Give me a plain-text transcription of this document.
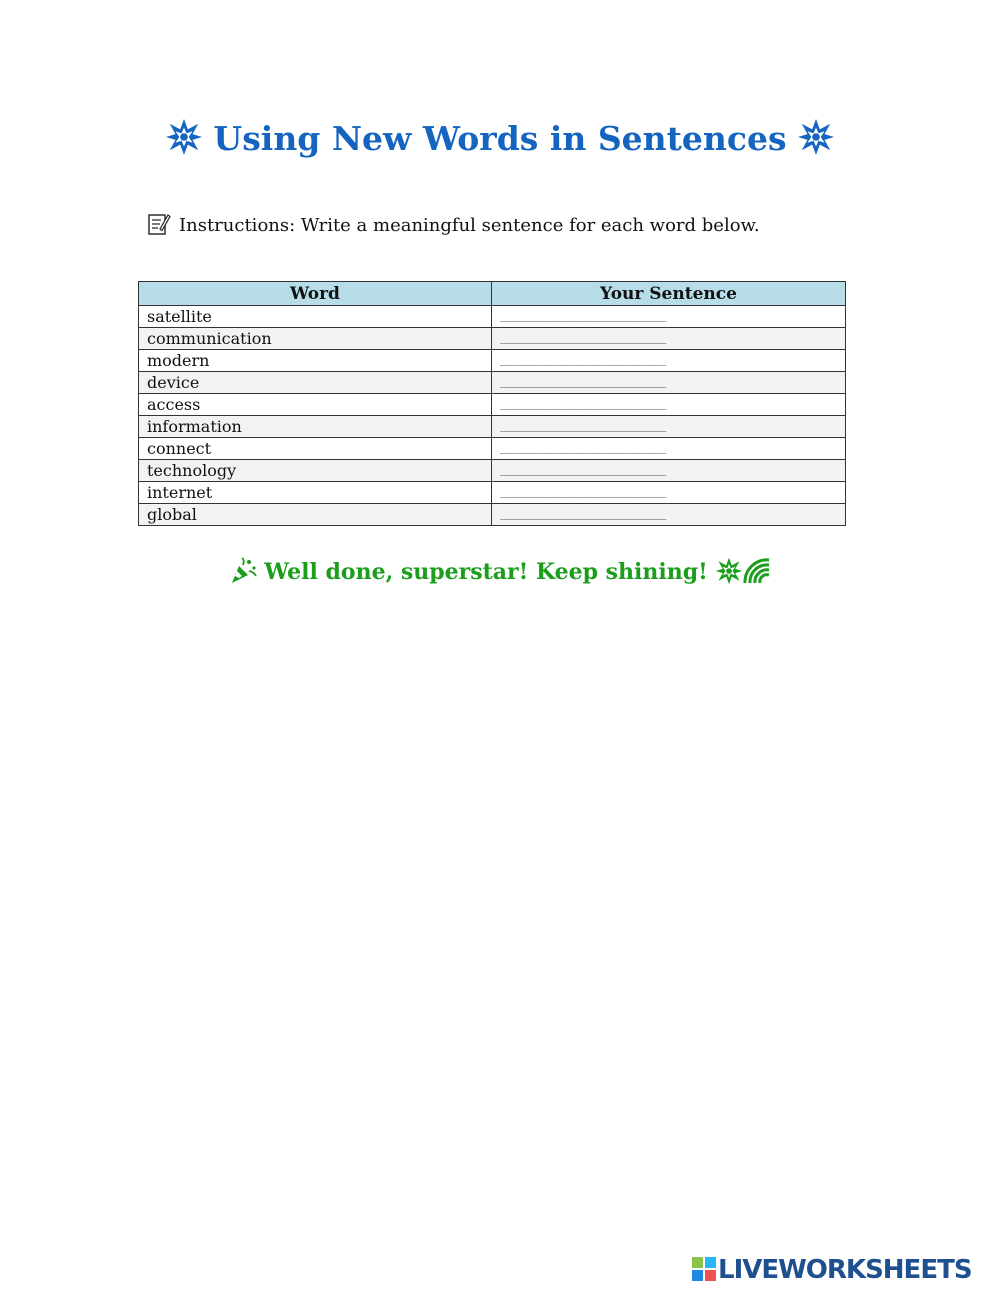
Using New Words in Sentences
Instructions: Write a meaningful sentence for each word below.
Word	Your Sentence
satellite	______________________________
communication	______________________________
modern	______________________________
device	______________________________
access	______________________________
information	______________________________
connect	______________________________
technology	______________________________
internet	______________________________
global	______________________________
Well done, superstar! Keep shining!
LIVEWORKSHEETS
